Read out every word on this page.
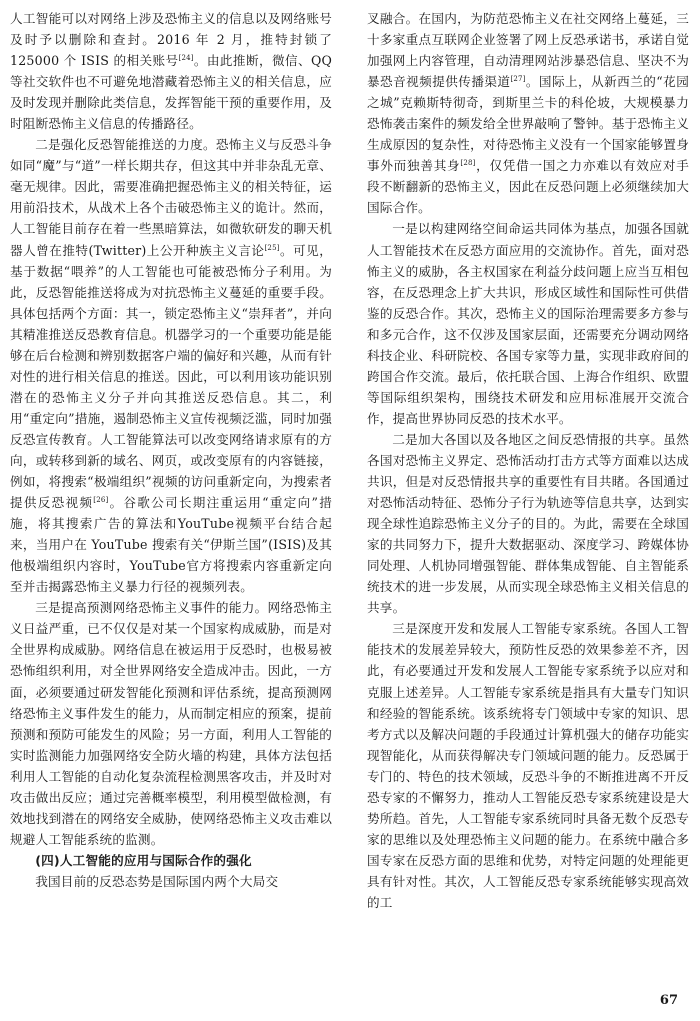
人工智能可以对网络上涉及恐怖主义的信息以及网络账号及时予以删除和查封。2016 年 2 月，推特封锁了 125000 个 ISIS 的相关账号[24]。由此推断，微信、QQ 等社交软件也不可避免地潜藏着恐怖主义的相关信息，应及时发现并删除此类信息，发挥智能干预的重要作用，及时阻断恐怖主义信息的传播路径。

二是强化反恐智能推送的力度。恐怖主义与反恐斗争如同“魔”与“道”一样长期共存，但这其中并非杂乱无章、毫无规律。因此，需要准确把握恐怖主义的相关特征，运用前沿技术，从战术上各个击破恐怖主义的诡计。然而，人工智能目前存在着一些黑暗算法，如微软研发的聊天机器人曾在推特(Twitter)上公开种族主义言论[25]。可见，基于数据“喂养”的人工智能也可能被恐怖分子利用。为此，反恐智能推送将成为对抗恐怖主义蔓延的重要手段。具体包括两个方面：其一，锁定恐怖主义“崇拜者”，并向其精准推送反恐教育信息。机器学习的一个重要功能是能够在后台检测和辨别数据客户端的偏好和兴趣，从而有针对性的进行相关信息的推送。因此，可以利用该功能识别潜在的恐怖主义分子并向其推送反恐信息。其二，利用“重定向”措施，遏制恐怖主义宣传视频泛滥，同时加强反恐宣传教育。人工智能算法可以改变网络请求原有的方向，或转移到新的域名、网页，或改变原有的内容链接，例如，将搜索“极端组织”视频的访问重新定向，为搜索者提供反恐视频[26]。谷歌公司长期注重运用“重定向”措施，将其搜索广告的算法和YouTube视频平台结合起来，当用户在 YouTube 搜索有关“伊斯兰国”(ISIS)及其他极端组织内容时，YouTube官方将搜索内容重新定向至并击揭露恐怖主义暴力行径的视频列表。

三是提高预测网络恐怖主义事件的能力。网络恐怖主义日益严重，已不仅仅是对某一个国家构成威胁，而是对全世界构成威胁。网络信息在被运用于反恐时，也极易被恐怖组织利用，对全世界网络安全造成冲击。因此，一方面，必须要通过研发智能化预测和评估系统，提高预测网络恐怖主义事件发生的能力，从而制定相应的预案，提前预测和预防可能发生的风险；另一方面，利用人工智能的实时监测能力加强网络安全防火墙的构建，具体方法包括利用人工智能的自动化复杂流程检测黑客攻击，并及时对攻击做出反应；通过完善概率模型，利用模型做检测，有效地找到潜在的网络安全威胁，使网络恐怖主义攻击难以规避人工智能系统的监测。

(四)人工智能的应用与国际合作的强化

我国目前的反恐态势是国际国内两个大局交

叉融合。在国内，为防范恐怖主义在社交网络上蔓延，三十多家重点互联网企业签署了网上反恐承诺书，承诺自觉加强网上内容管理，自动清理网站涉暴恐信息、坚决不为暴恐音视频提供传播渠道[27]。国际上，从新西兰的“花园之城”克赖斯特彻奇，到斯里兰卡的科伦坡，大规模暴力恐怖袭击案件的频发给全世界敲响了警钟。基于恐怖主义生成原因的复杂性，对待恐怖主义没有一个国家能够置身事外而独善其身[28]，仅凭借一国之力亦难以有效应对手段不断翻新的恐怖主义，因此在反恐问题上必须继续加大国际合作。

一是以构建网络空间命运共同体为基点，加强各国就人工智能技术在反恐方面应用的交流协作。首先，面对恐怖主义的威胁，各主权国家在利益分歧问题上应当互相包容，在反恐理念上扩大共识，形成区域性和国际性可供借鉴的反恐合作。其次，恐怖主义的国际治理需要多方参与和多元合作，这不仅涉及国家层面，还需要充分调动网络科技企业、科研院校、各国专家等力量，实现非政府间的跨国合作交流。最后，依托联合国、上海合作组织、欧盟等国际组织架构，围绕技术研发和应用标准展开交流合作，提高世界协同反恐的技术水平。

二是加大各国以及各地区之间反恐情报的共享。虽然各国对恐怖主义界定、恐怖活动打击方式等方面难以达成共识，但是对反恐情报共享的重要性有目共睹。各国通过对恐怖活动特征、恐怖分子行为轨迹等信息共享，达到实现全球性追踪恐怖主义分子的目的。为此，需要在全球国家的共同努力下，提升大数据驱动、深度学习、跨媒体协同处理、人机协同增强智能、群体集成智能、自主智能系统技术的进一步发展，从而实现全球恐怖主义相关信息的共享。

三是深度开发和发展人工智能专家系统。各国人工智能技术的发展差异较大，预防性反恐的效果参差不齐，因此，有必要通过开发和发展人工智能专家系统予以应对和克服上述差异。人工智能专家系统是指具有大量专门知识和经验的智能系统。该系统将专门领域中专家的知识、思考方式以及解决问题的手段通过计算机强大的储存功能实现智能化，从而获得解决专门领域问题的能力。反恐属于专门的、特色的技术领域，反恐斗争的不断推进离不开反恐专家的不懈努力，推动人工智能反恐专家系统建设是大势所趋。首先，人工智能专家系统同时具备无数个反恐专家的思维以及处理恐怖主义问题的能力。在系统中融合多国专家在反恐方面的思维和优势，对特定问题的处理能更具有针对性。其次，人工智能反恐专家系统能够实现高效的工

67
